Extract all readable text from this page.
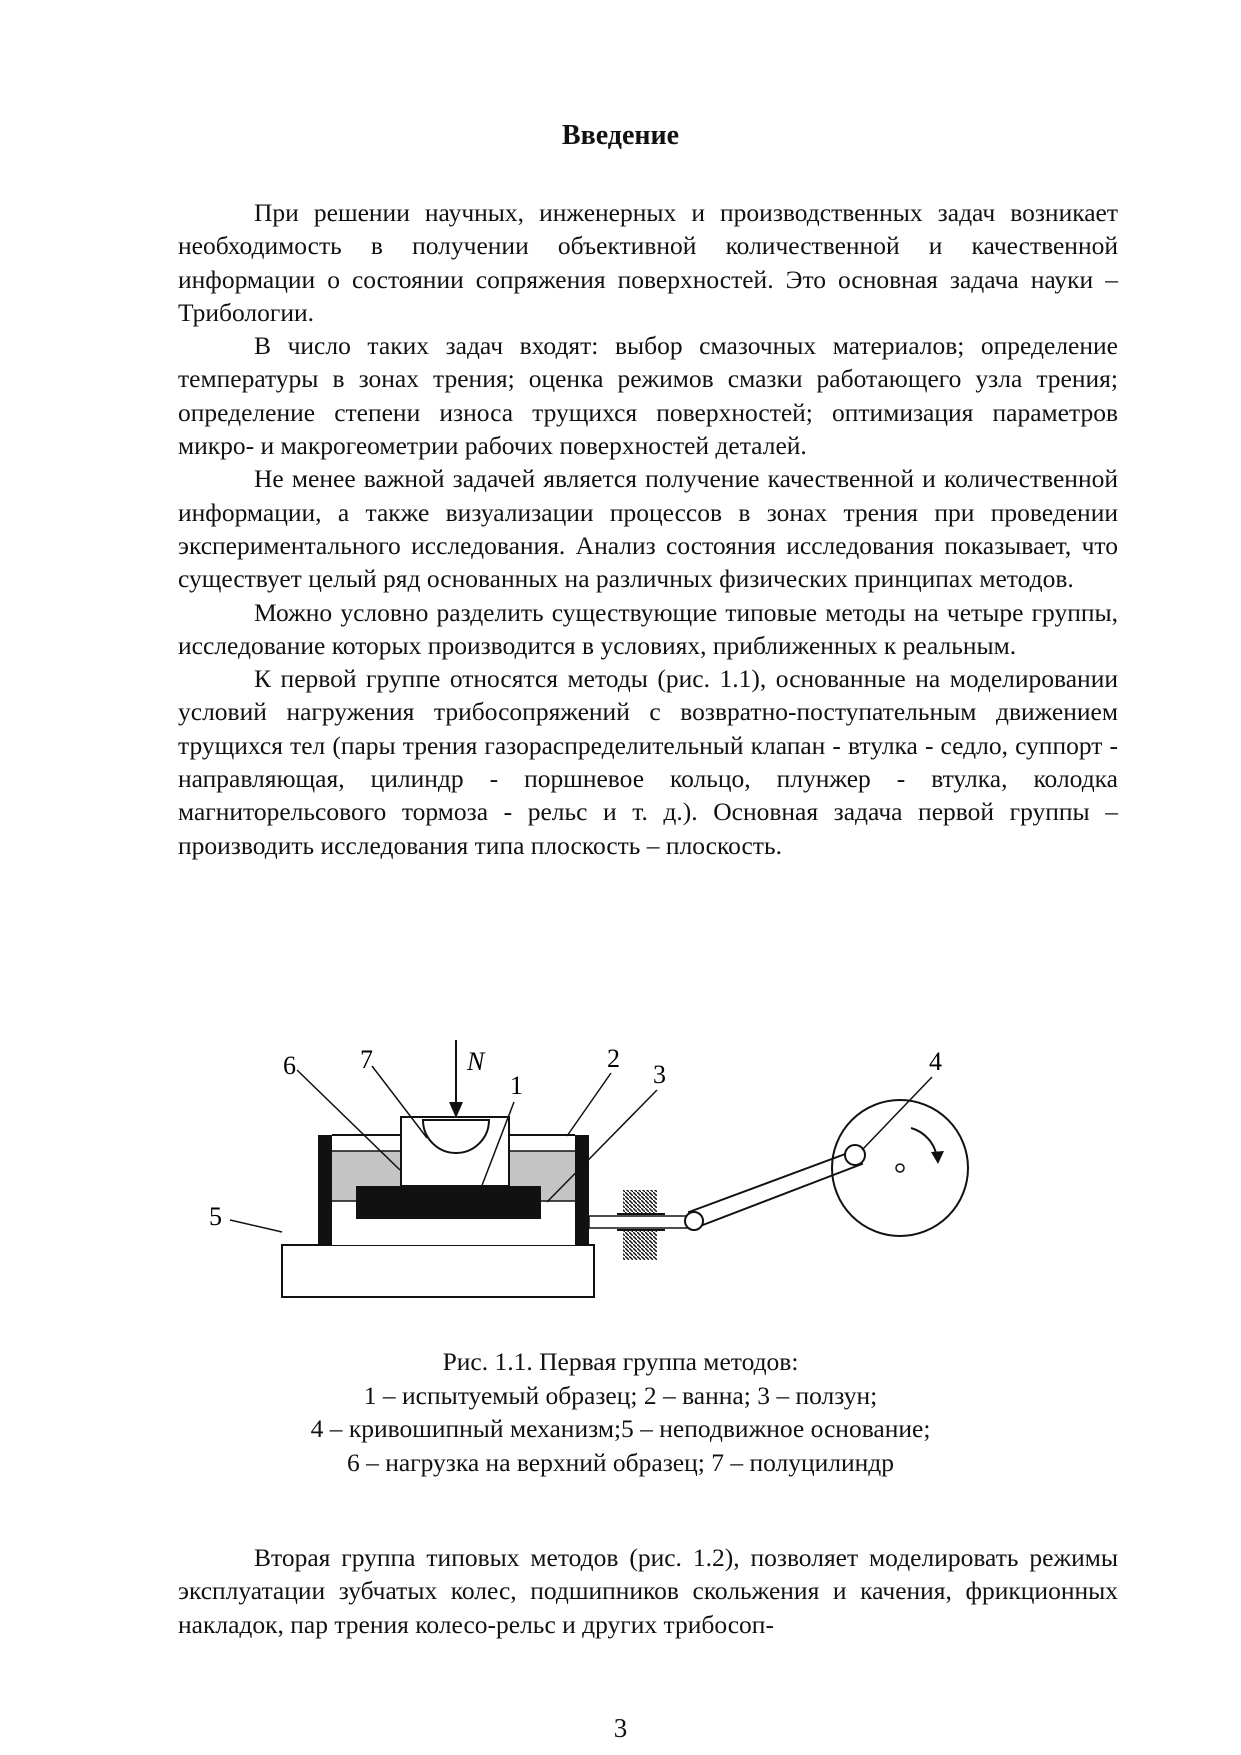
Введение

При решении научных, инженерных и производственных задач возникает необходимость в получении объективной количественной и качественной информации о состоянии сопряжения поверхностей. Это основная задача науки – Трибологии.

В число таких задач входят: выбор смазочных материалов; определение температуры в зонах трения; оценка режимов смазки работающего узла трения; определение степени износа трущихся поверхностей; оптимизация параметров микро- и макрогеометрии рабочих поверхностей деталей.

Не менее важной задачей является получение качественной и количественной информации, а также визуализации процессов в зонах трения при проведении экспериментального исследования. Анализ состояния исследования показывает, что существует целый ряд основанных на различных физических принципах методов.

Можно условно разделить существующие типовые методы на четыре группы, исследование которых производится в условиях, приближенных к реальным.

К первой группе относятся методы (рис. 1.1), основанные на моделировании условий нагружения трибосопряжений с возвратно-поступательным движением трущихся тел (пары трения газораспределительный клапан - втулка - седло, суппорт - направляющая, цилиндр - поршневое кольцо, плунжер - втулка, колодка магниторельсового тормоза - рельс и т. д.). Основная задача первой группы – производить исследования типа плоскость – плоскость.

6 7	N
1
2
3	4
5
Рис. 1.1. Первая группа методов:
1 – испытуемый образец; 2 – ванна; 3 – ползун;
4 – кривошипный механизм;5 – неподвижное основание;
6 – нагрузка на верхний образец; 7 – полуцилиндр

Вторая группа типовых методов (рис. 1.2), позволяет моделировать режимы эксплуатации зубчатых колес, подшипников скольжения и качения, фрикционных накладок, пар трения колесо-рельс и других трибосоп-

3
